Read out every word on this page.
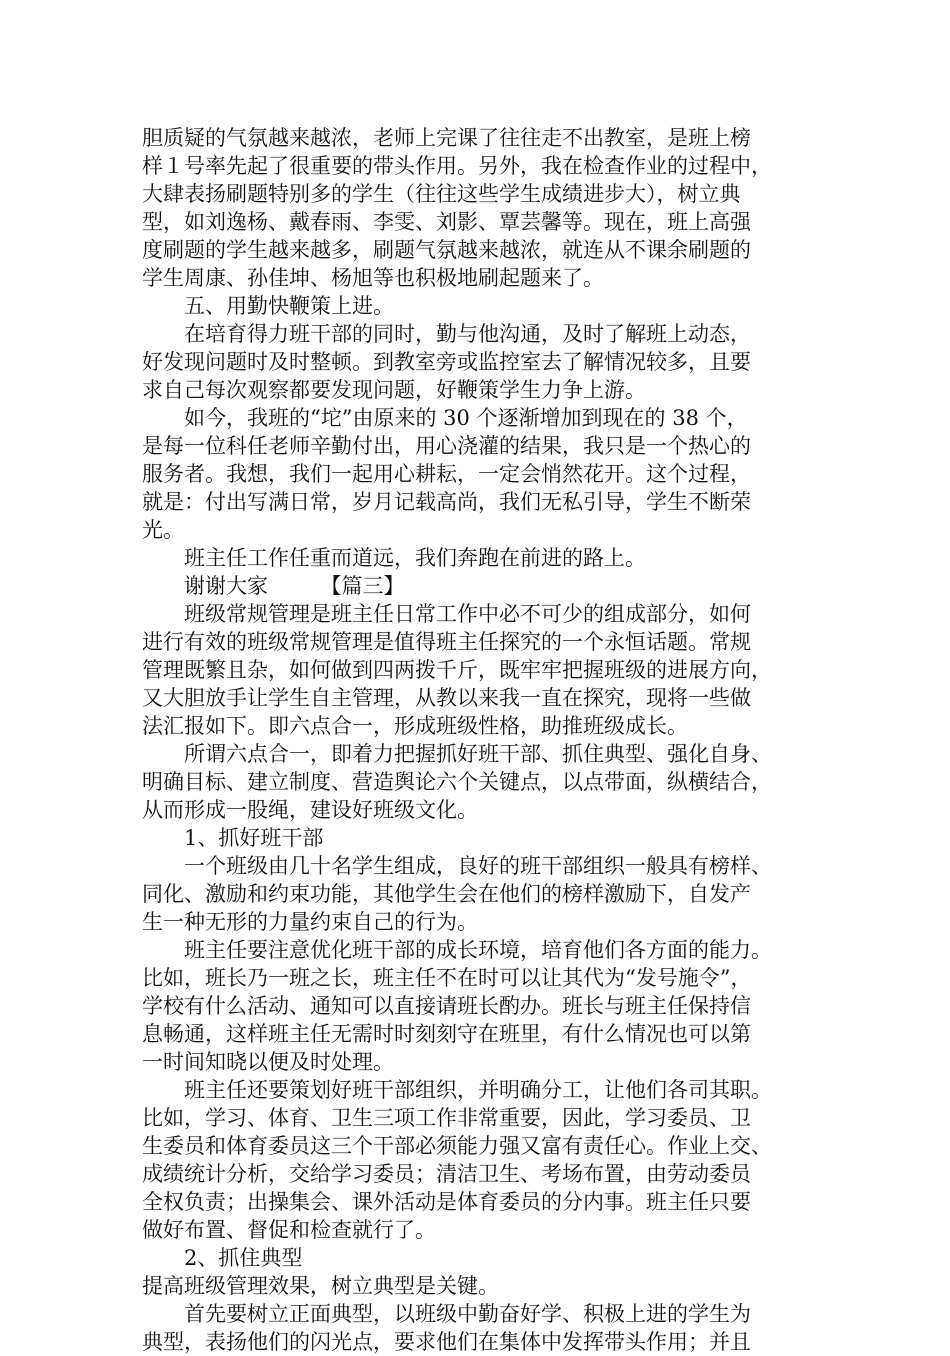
胆质疑的气氛越来越浓，老师上完课了往往走不出教室，是班上榜
样１号率先起了很重要的带头作用。另外，我在检查作业的过程中，
大肆表扬刷题特别多的学生（往往这些学生成绩进步大），树立典
型，如刘逸杨、戴春雨、李雯、刘影、覃芸馨等。现在，班上高强
度刷题的学生越来越多，刷题气氛越来越浓，就连从不课余刷题的
学生周康、孙佳坤、杨旭等也积极地刷起题来了。
五、用勤快鞭策上进。
在培育得力班干部的同时，勤与他沟通，及时了解班上动态，
好发现问题时及时整顿。到教室旁或监控室去了解情况较多，且要
求自己每次观察都要发现问题，好鞭策学生力争上游。
如今，我班的“坨”由原来的 30 个逐渐增加到现在的 38 个，
是每一位科任老师辛勤付出，用心浇灌的结果，我只是一个热心的
服务者。我想，我们一起用心耕耘，一定会悄然花开。这个过程，
就是：付出写满日常，岁月记载高尚，我们无私引导，学生不断荣
光。
班主任工作任重而道远，我们奔跑在前进的路上。
谢谢大家　　　【篇三】
班级常规管理是班主任日常工作中必不可少的组成部分，如何
进行有效的班级常规管理是值得班主任探究的一个永恒话题。常规
管理既繁且杂，如何做到四两拨千斤，既牢牢把握班级的进展方向，
又大胆放手让学生自主管理，从教以来我一直在探究，现将一些做
法汇报如下。即六点合一，形成班级性格，助推班级成长。
所谓六点合一，即着力把握抓好班干部、抓住典型、强化自身、
明确目标、建立制度、营造舆论六个关键点，以点带面，纵横结合，
从而形成一股绳，建设好班级文化。
1、抓好班干部
一个班级由几十名学生组成，良好的班干部组织一般具有榜样、
同化、激励和约束功能，其他学生会在他们的榜样激励下，自发产
生一种无形的力量约束自己的行为。
班主任要注意优化班干部的成长环境，培育他们各方面的能力。
比如，班长乃一班之长，班主任不在时可以让其代为“发号施令”，
学校有什么活动、通知可以直接请班长酌办。班长与班主任保持信
息畅通，这样班主任无需时时刻刻守在班里，有什么情况也可以第
一时间知晓以便及时处理。
班主任还要策划好班干部组织，并明确分工，让他们各司其职。
比如，学习、体育、卫生三项工作非常重要，因此，学习委员、卫
生委员和体育委员这三个干部必须能力强又富有责任心。作业上交、
成绩统计分析，交给学习委员；清洁卫生、考场布置，由劳动委员
全权负责；出操集会、课外活动是体育委员的分内事。班主任只要
做好布置、督促和检查就行了。
2、抓住典型
提高班级管理效果，树立典型是关键。
首先要树立正面典型，以班级中勤奋好学、积极上进的学生为
典型，表扬他们的闪光点，要求他们在集体中发挥带头作用；并且
